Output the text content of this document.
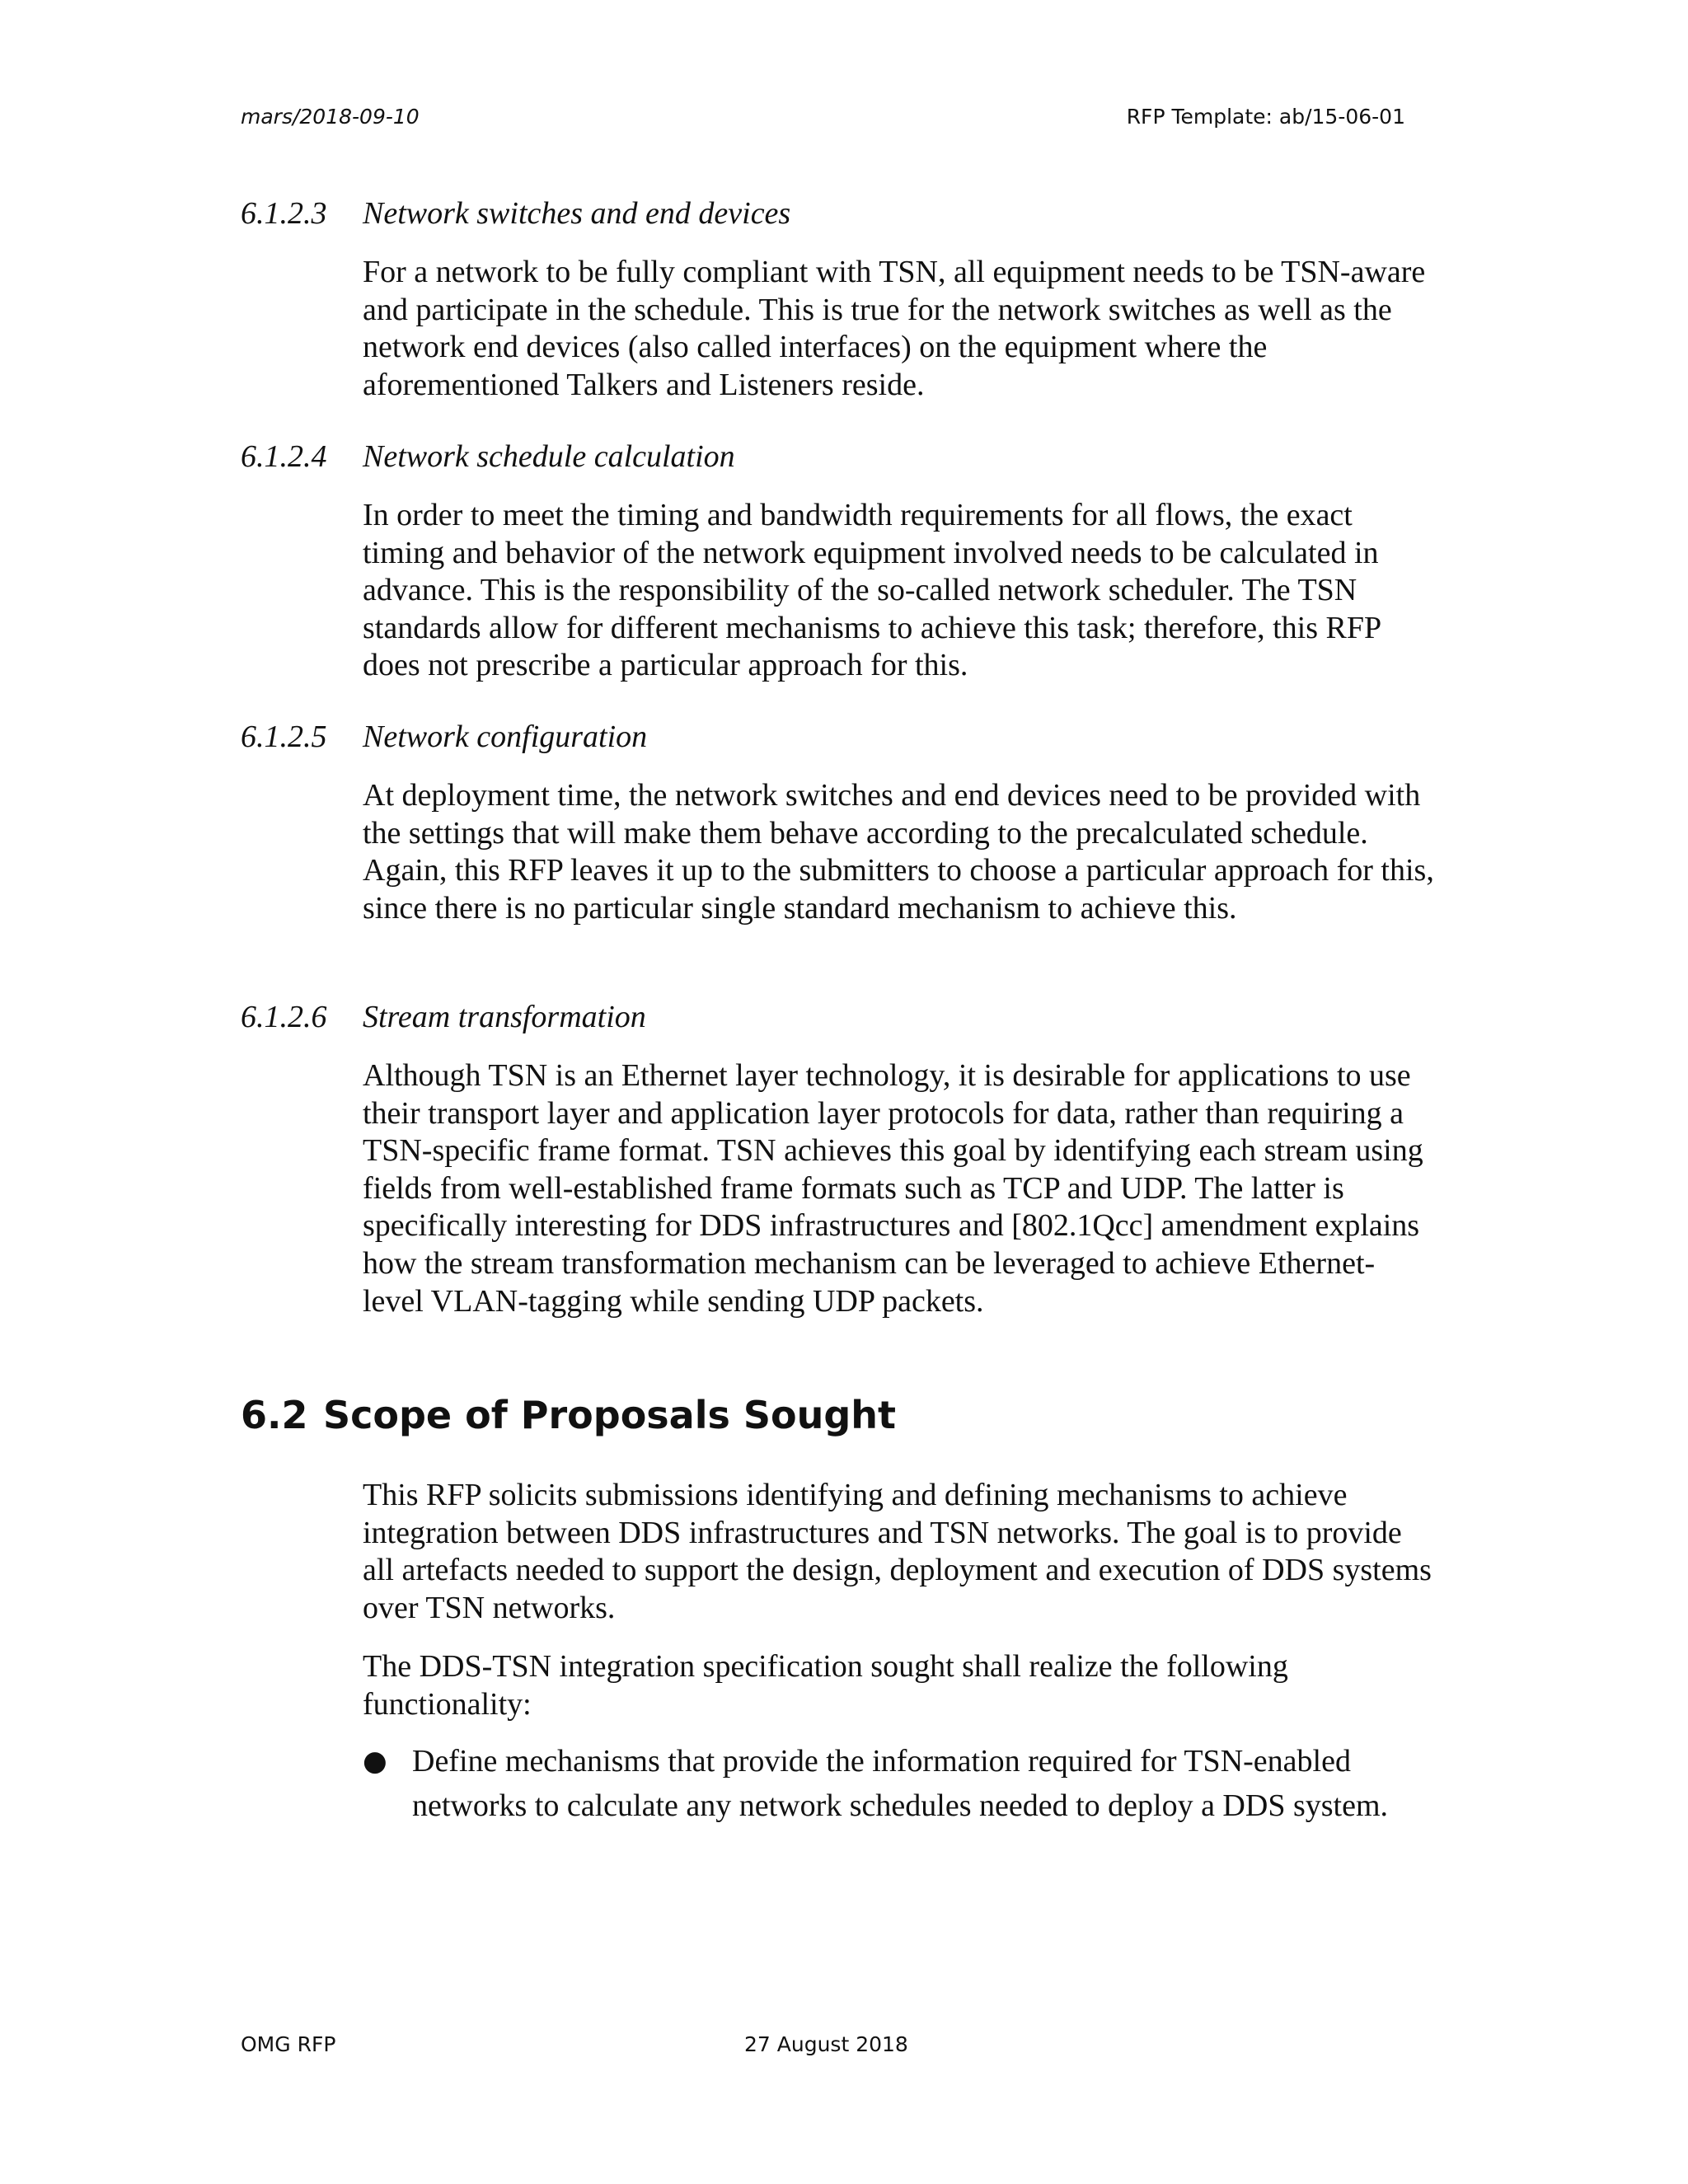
mars/2018-09-10	RFP Template: ab/15-06-01
6.1.2.3 Network switches and end devices
For a network to be fully compliant with TSN, all equipment needs to be TSN-aware and participate in the schedule. This is true for the network switches as well as the network end devices (also called interfaces) on the equipment where the aforementioned Talkers and Listeners reside.
6.1.2.4 Network schedule calculation
In order to meet the timing and bandwidth requirements for all flows, the exact timing and behavior of the network equipment involved needs to be calculated in advance. This is the responsibility of the so-called network scheduler. The TSN standards allow for different mechanisms to achieve this task; therefore, this RFP does not prescribe a particular approach for this.
6.1.2.5 Network configuration
At deployment time, the network switches and end devices need to be provided with the settings that will make them behave according to the precalculated schedule. Again, this RFP leaves it up to the submitters to choose a particular approach for this, since there is no particular single standard mechanism to achieve this.
6.1.2.6 Stream transformation
Although TSN is an Ethernet layer technology, it is desirable for applications to use their transport layer and application layer protocols for data, rather than requiring a TSN-specific frame format. TSN achieves this goal by identifying each stream using fields from well-established frame formats such as TCP and UDP. The latter is specifically interesting for DDS infrastructures and [802.1Qcc] amendment explains how the stream transformation mechanism can be leveraged to achieve Ethernet-level VLAN-tagging while sending UDP packets.
6.2 Scope of Proposals Sought
This RFP solicits submissions identifying and defining mechanisms to achieve integration between DDS infrastructures and TSN networks. The goal is to provide all artefacts needed to support the design, deployment and execution of DDS systems over TSN networks.
The DDS-TSN integration specification sought shall realize the following functionality:
● Define mechanisms that provide the information required for TSN-enabled networks to calculate any network schedules needed to deploy a DDS system.
OMG RFP	27 August 2018
